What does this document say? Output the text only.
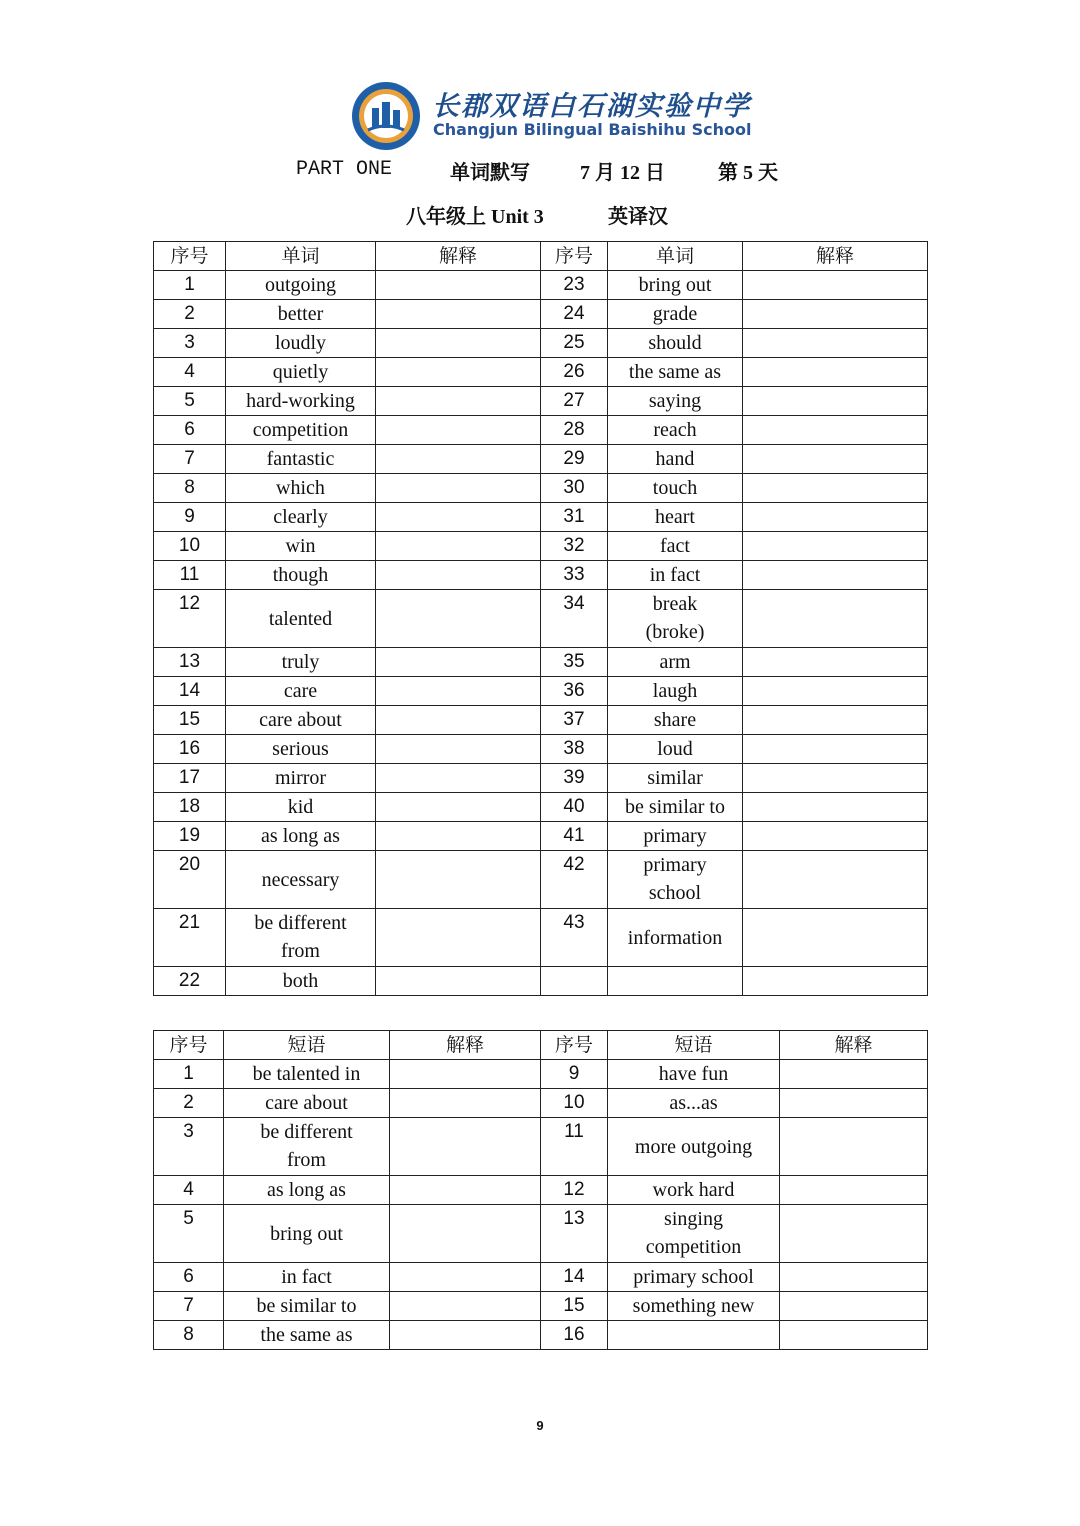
长郡双语白石湖实验中学
Changjun Bilingual Baishihu School
PART ONE	单词默写	7 月 12 日	第 5 天
八年级上 Unit 3	英译汉
序号	单词	解释	序号	单词	解释

1	outgoing		23	bring out	

2	better		24	grade	

3	loudly		25	should	

4	quietly		26	the same as	

5	hard-working		27	saying	

6	competition		28	reach	

7	fantastic		29	hand	

8	which		30	touch	

9	clearly		31	heart	

10	win		32	fact	

11	though		33	in fact	

12	talented		34	break
(broke)	

13	truly		35	arm	

14	care		36	laugh	

15	care about		37	share	

16	serious		38	loud	

17	mirror		39	similar	

18	kid		40	be similar to	

19	as long as		41	primary	

20	necessary		42	primary
school	

21	be different
from		43	information	

22	both				

序号	短语	解释	序号	短语	解释

1	be talented in		9	have fun	

2	care about		10	as...as	

3	be different
from		11	more outgoing	

4	as long as		12	work hard	

5	bring out		13	singing
competition	

6	in fact		14	primary school	

7	be similar to		15	something new	

8	the same as		16		

9
